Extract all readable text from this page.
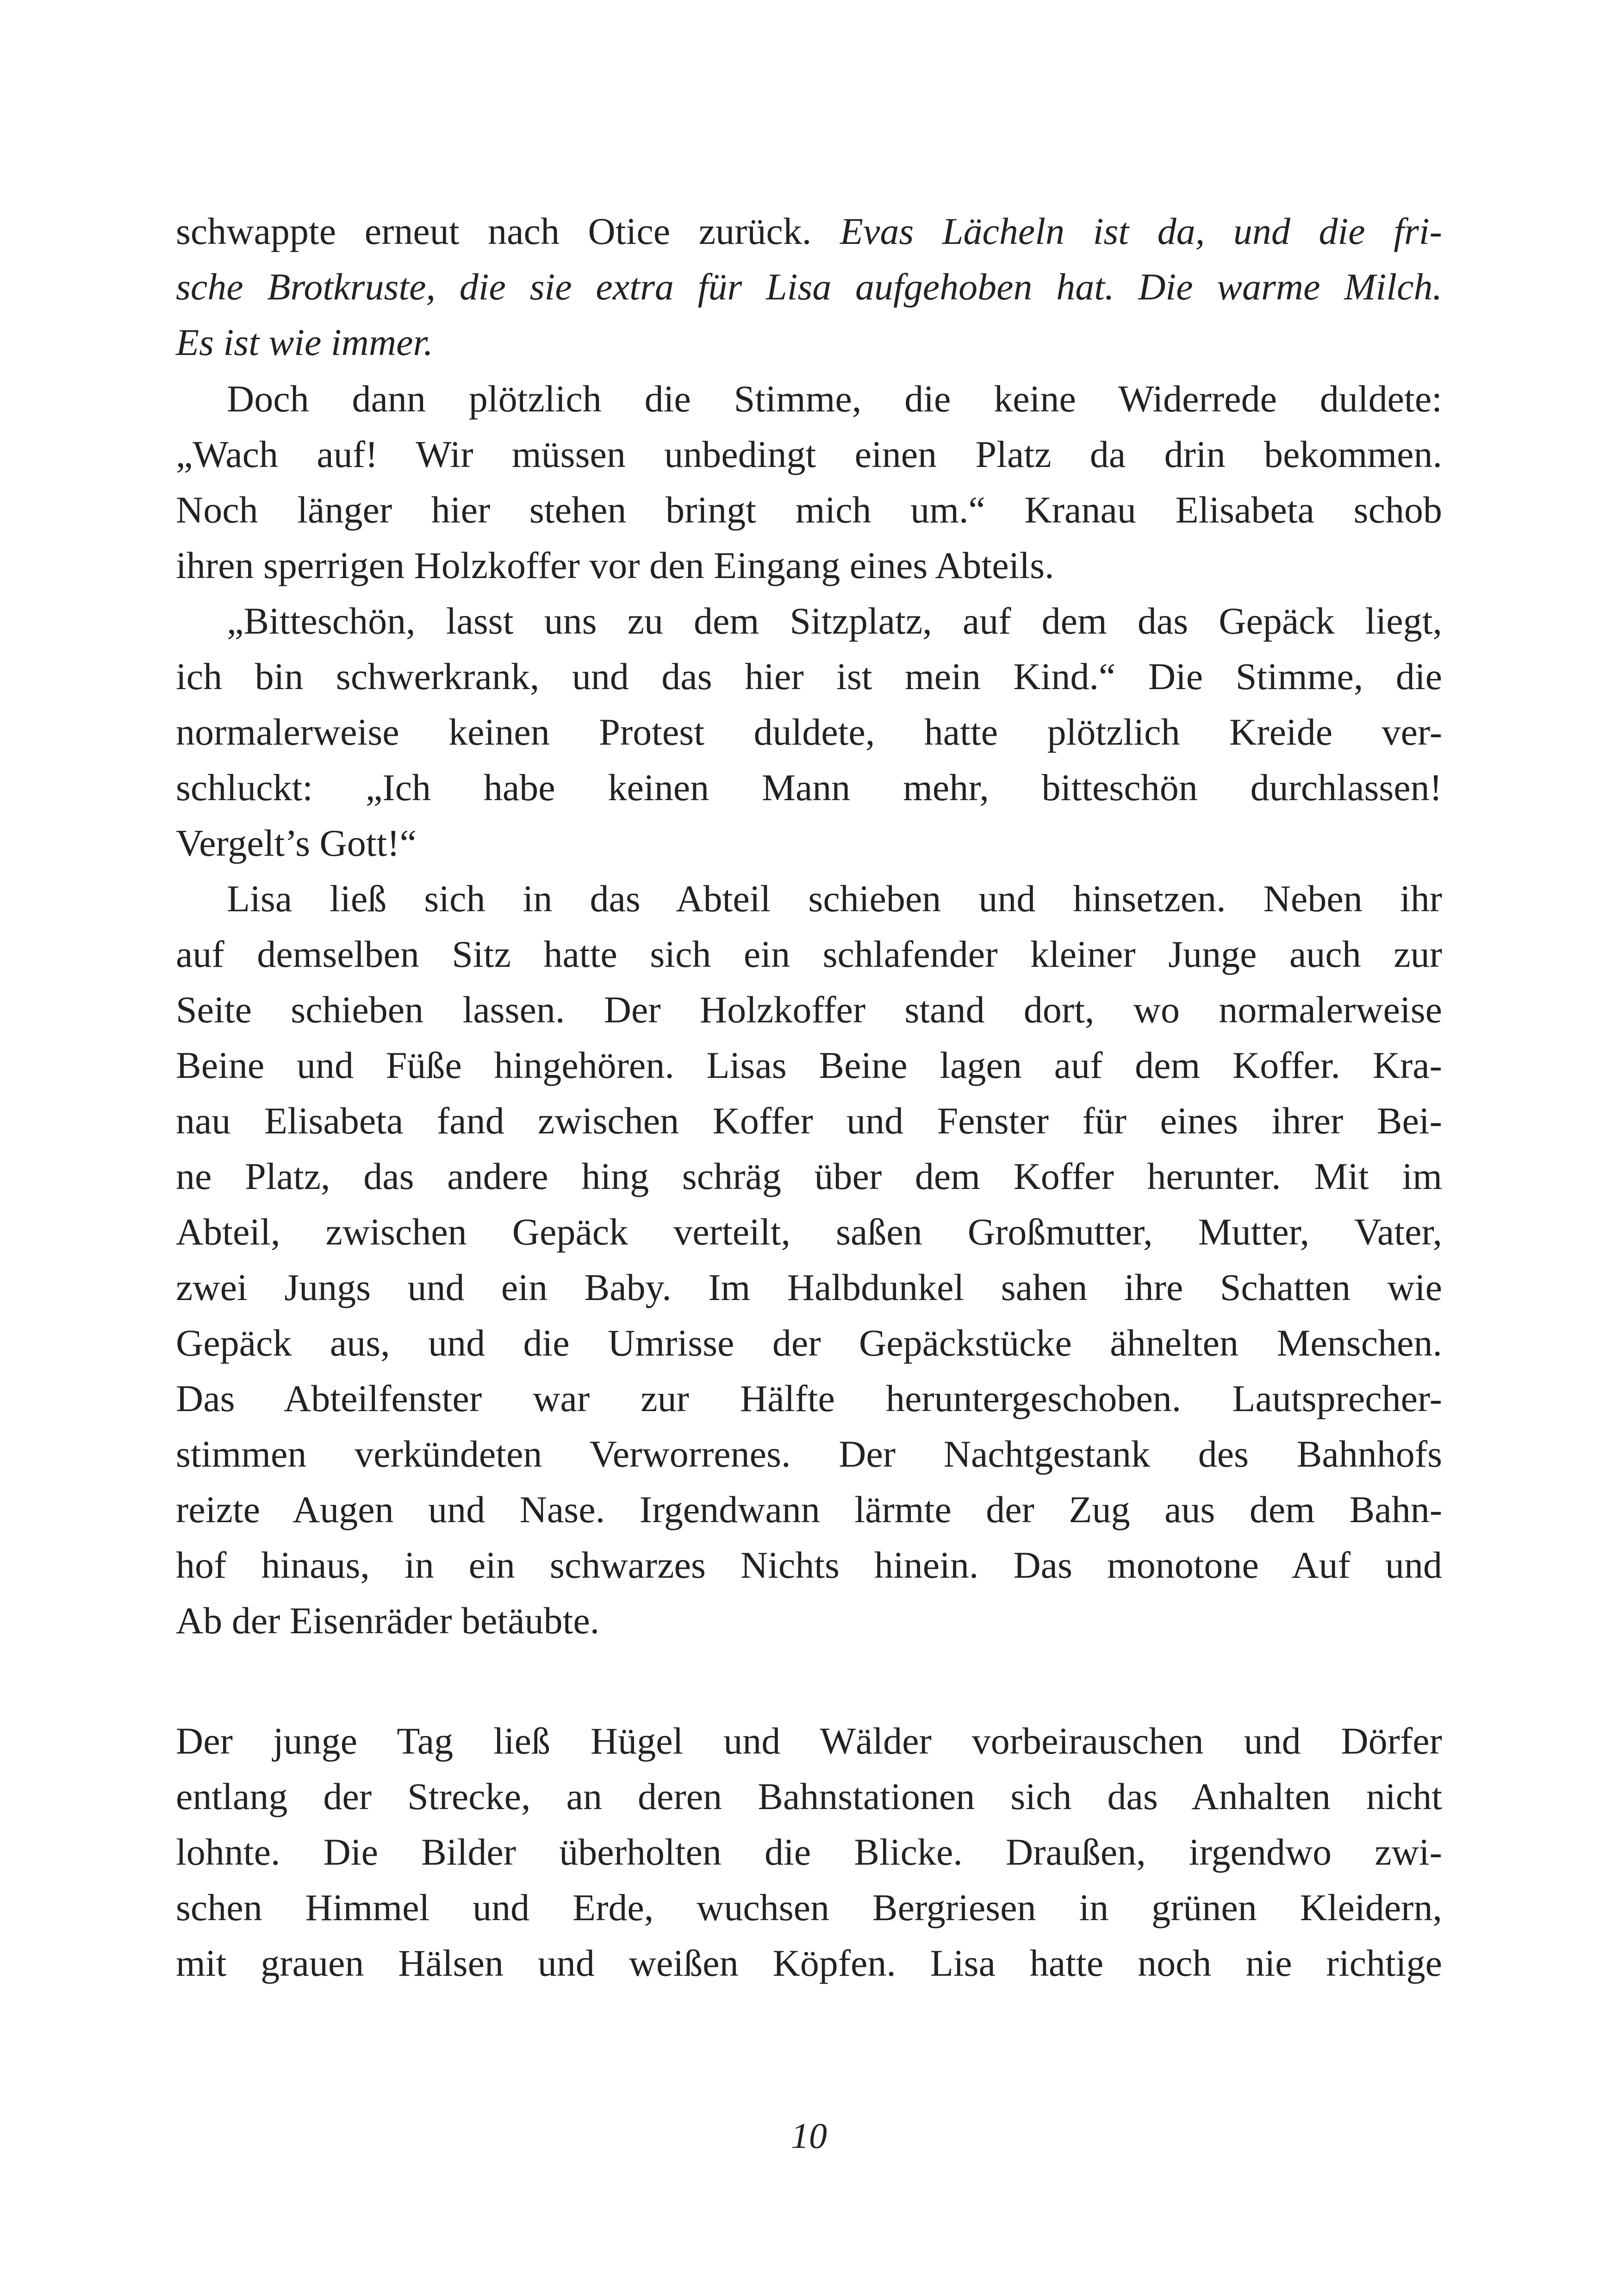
schwappte erneut nach Otice zurück. Evas Lächeln ist da, und die fri-
sche Brotkruste, die sie extra für Lisa aufgehoben hat. Die warme Milch.
Es ist wie immer.
Doch dann plötzlich die Stimme, die keine Widerrede duldete:
„Wach auf! Wir müssen unbedingt einen Platz da drin bekommen.
Noch länger hier stehen bringt mich um.“ Kranau Elisabeta schob
ihren sperrigen Holzkoffer vor den Eingang eines Abteils.
„Bitteschön, lasst uns zu dem Sitzplatz, auf dem das Gepäck liegt,
ich bin schwerkrank, und das hier ist mein Kind.“ Die Stimme, die
normalerweise keinen Protest duldete, hatte plötzlich Kreide ver-
schluckt: „Ich habe keinen Mann mehr, bitteschön durchlassen!
Vergelt’s Gott!“
Lisa ließ sich in das Abteil schieben und hinsetzen. Neben ihr
auf demselben Sitz hatte sich ein schlafender kleiner Junge auch zur
Seite schieben lassen. Der Holzkoffer stand dort, wo normalerweise
Beine und Füße hingehören. Lisas Beine lagen auf dem Koffer. Kra-
nau Elisabeta fand zwischen Koffer und Fenster für eines ihrer Bei-
ne Platz, das andere hing schräg über dem Koffer herunter. Mit im
Abteil, zwischen Gepäck verteilt, saßen Großmutter, Mutter, Vater,
zwei Jungs und ein Baby. Im Halbdunkel sahen ihre Schatten wie
Gepäck aus, und die Umrisse der Gepäckstücke ähnelten Menschen.
Das Abteilfenster war zur Hälfte heruntergeschoben. Lautsprecher-
stimmen verkündeten Verworrenes. Der Nachtgestank des Bahnhofs
reizte Augen und Nase. Irgendwann lärmte der Zug aus dem Bahn-
hof hinaus, in ein schwarzes Nichts hinein. Das monotone Auf und
Ab der Eisenräder betäubte.
Der junge Tag ließ Hügel und Wälder vorbeirauschen und Dörfer
entlang der Strecke, an deren Bahnstationen sich das Anhalten nicht
lohnte. Die Bilder überholten die Blicke. Draußen, irgendwo zwi-
schen Himmel und Erde, wuchsen Bergriesen in grünen Kleidern,
mit grauen Hälsen und weißen Köpfen. Lisa hatte noch nie richtige
10
